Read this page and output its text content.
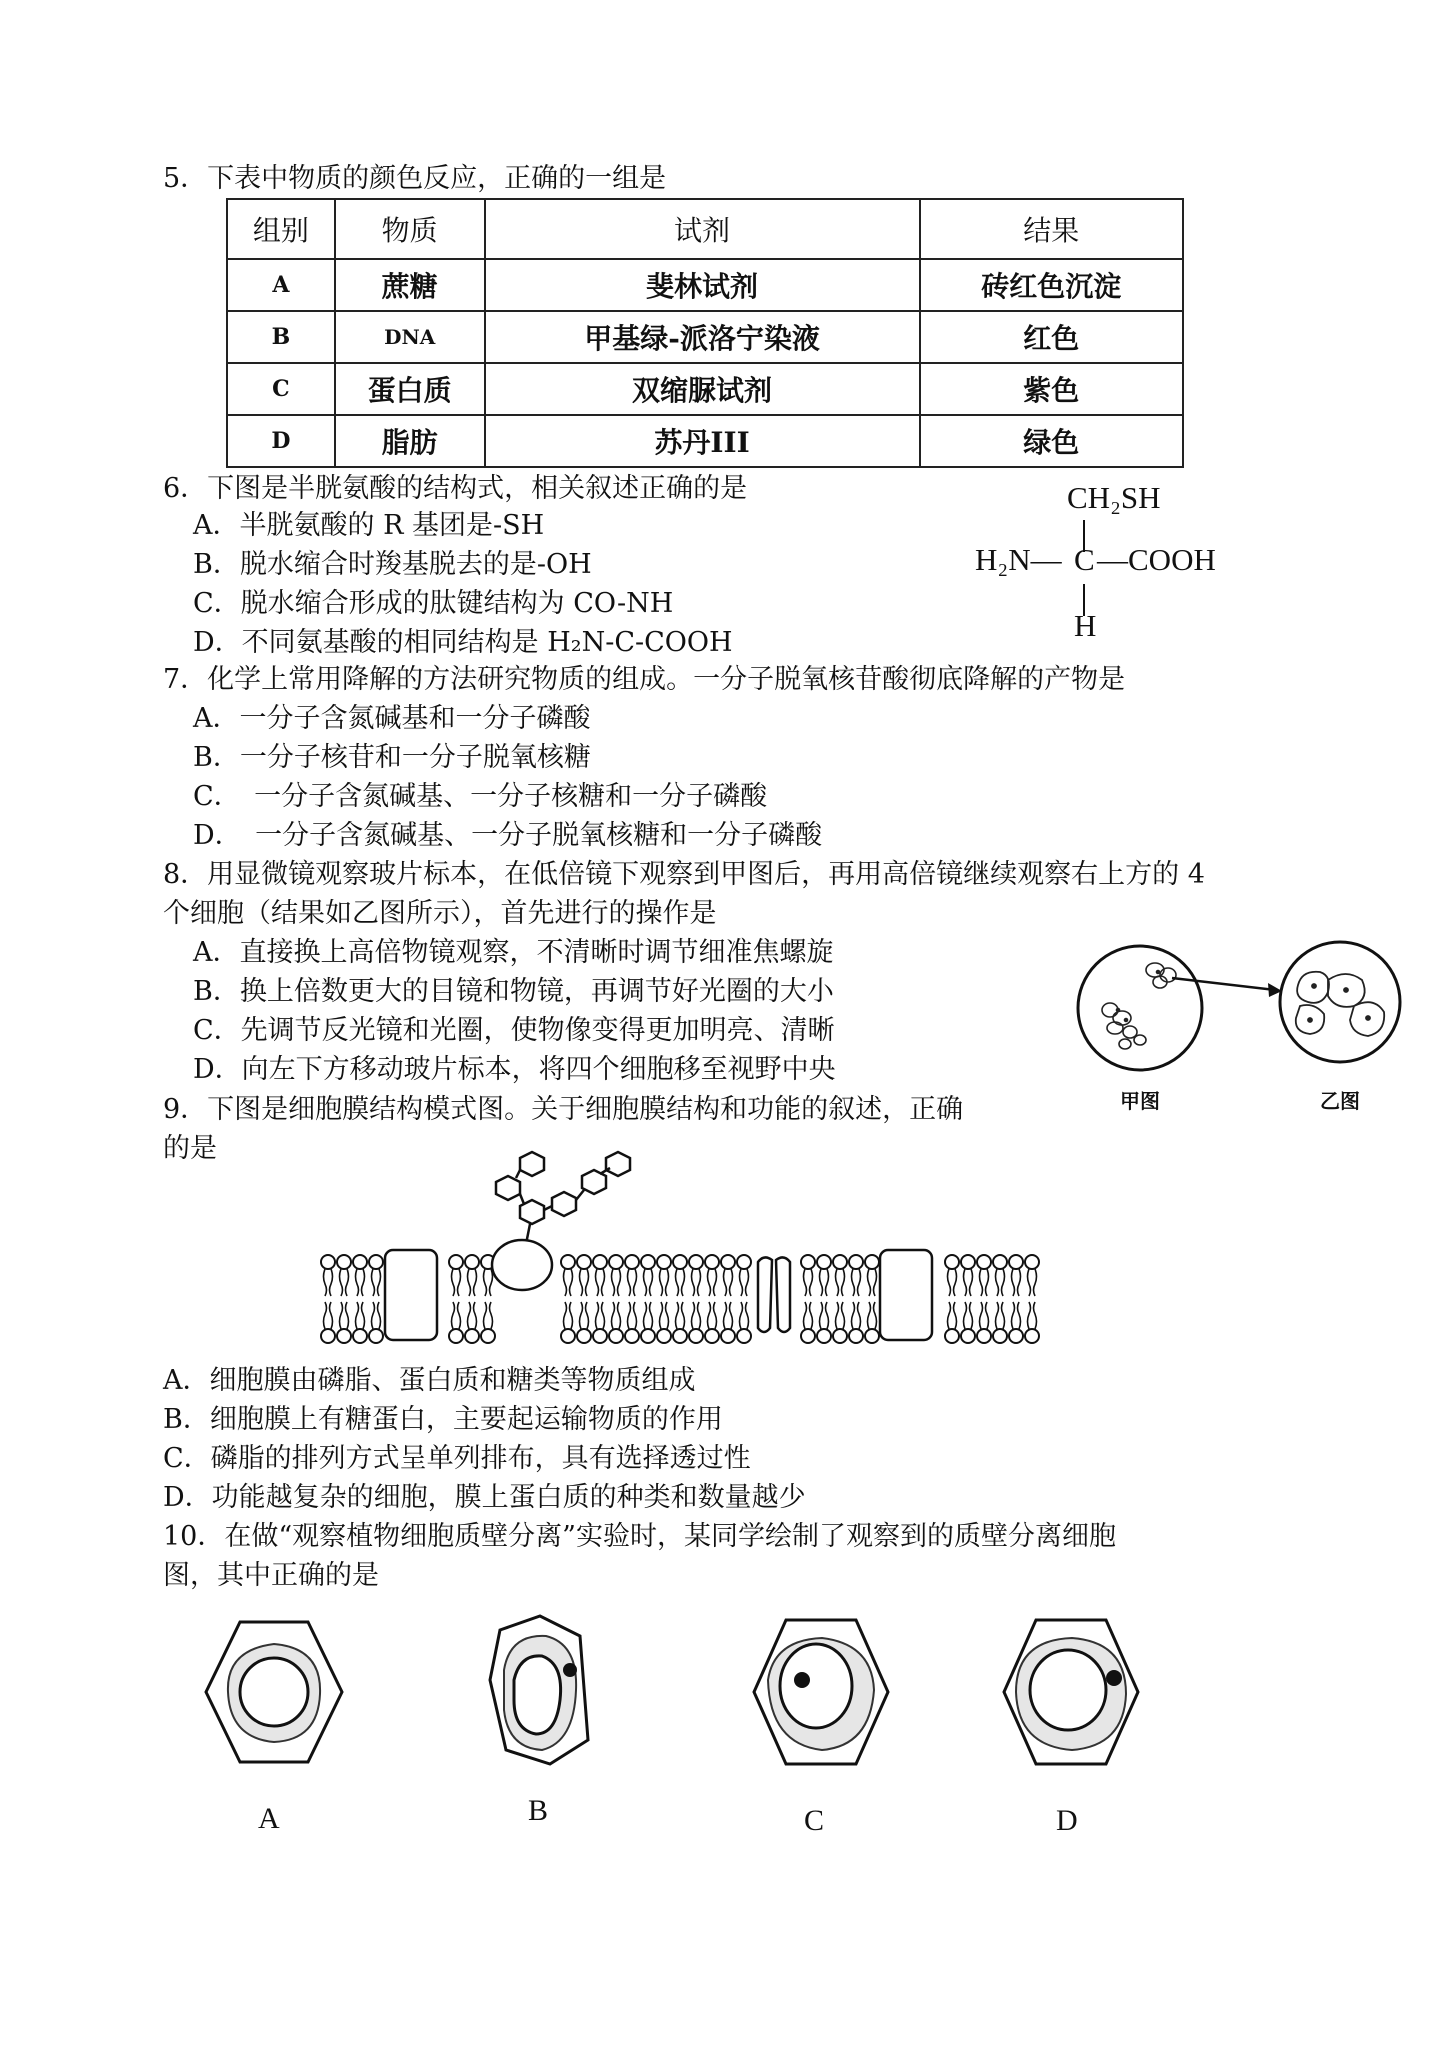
5．下表中物质的颜色反应，正确的一组是
组别	物质	试剂	结果
A	蔗糖	斐林试剂	砖红色沉淀
B	DNA	甲基绿-派洛宁染液	红色
C	蛋白质	双缩脲试剂	紫色
D	脂肪	苏丹III	绿色
6．下图是半胱氨酸的结构式，相关叙述正确的是
A．半胱氨酸的 R 基团是-SH
B．脱水缩合时羧基脱去的是-OH
C．脱水缩合形成的肽键结构为 CO-NH
D．不同氨基酸的相同结构是 H₂N-C-COOH
CH₂SH
H₂N— C —COOH
H
7．化学上常用降解的方法研究物质的组成。一分子脱氧核苷酸彻底降解的产物是
A．一分子含氮碱基和一分子磷酸
B．一分子核苷和一分子脱氧核糖
C．　一分子含氮碱基、一分子核糖和一分子磷酸
D．　一分子含氮碱基、一分子脱氧核糖和一分子磷酸
8．用显微镜观察玻片标本，在低倍镜下观察到甲图后，再用高倍镜继续观察右上方的 4
个细胞（结果如乙图所示），首先进行的操作是
A．直接换上高倍物镜观察，不清晰时调节细准焦螺旋
B．换上倍数更大的目镜和物镜，再调节好光圈的大小
C．先调节反光镜和光圈，使物像变得更加明亮、清晰
D．向左下方移动玻片标本，将四个细胞移至视野中央
甲图	乙图
9．下图是细胞膜结构模式图。关于细胞膜结构和功能的叙述，正确
的是
A．细胞膜由磷脂、蛋白质和糖类等物质组成
B．细胞膜上有糖蛋白，主要起运输物质的作用
C．磷脂的排列方式呈单列排布，具有选择透过性
D．功能越复杂的细胞，膜上蛋白质的种类和数量越少
10．在做“观察植物细胞质壁分离”实验时，某同学绘制了观察到的质壁分离细胞
图，其中正确的是
A	B	C	D
